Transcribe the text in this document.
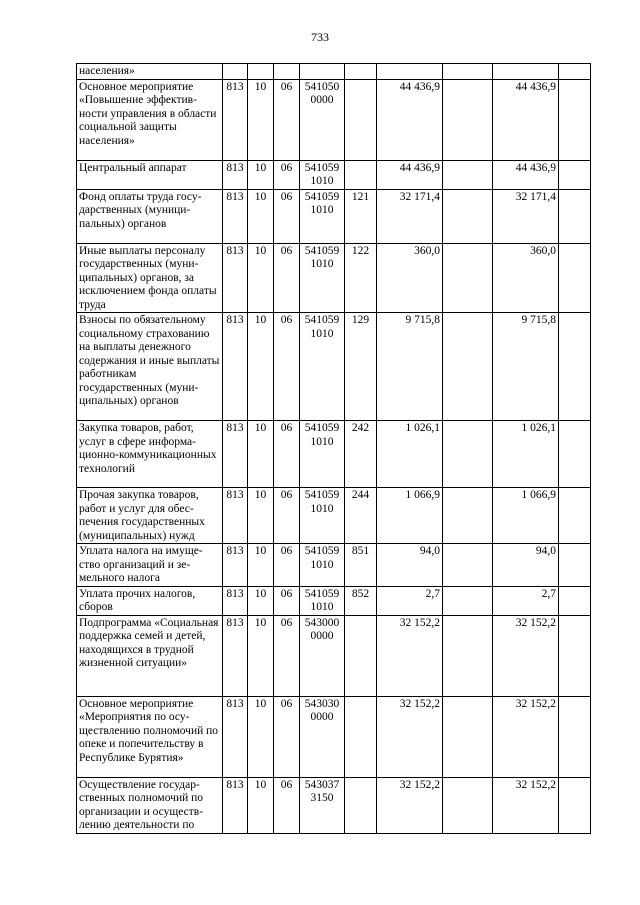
733
населения»									
Основное мероприятие «Повышение эффективности управления в области социальной защиты населения»	813	10	06	541050 0000		44 436,9		44 436,9	
Центральный аппарат	813	10	06	541059 1010		44 436,9		44 436,9	
Фонд оплаты труда государственных (муниципальных) органов	813	10	06	541059 1010	121	32 171,4		32 171,4	
Иные выплаты персоналу государственных (муниципальных) органов, за исключением фонда оплаты труда	813	10	06	541059 1010	122	360,0		360,0	
Взносы по обязательному социальному страхованию на выплаты денежного содержания и иные выплаты работникам государственных (муниципальных) органов	813	10	06	541059 1010	129	9 715,8		9 715,8	
Закупка товаров, работ, услуг в сфере информационно-коммуникационных технологий	813	10	06	541059 1010	242	1 026,1		1 026,1	
Прочая закупка товаров, работ и услуг для обеспечения государственных (муниципальных) нужд	813	10	06	541059 1010	244	1 066,9		1 066,9	
Уплата налога на имущество организаций и земельного налога	813	10	06	541059 1010	851	94,0		94,0	
Уплата прочих налогов, сборов	813	10	06	541059 1010	852	2,7		2,7	
Подпрограмма «Социальная поддержка семей и детей, находящихся в трудной жизненной ситуации»	813	10	06	543000 0000		32 152,2		32 152,2	
Основное мероприятие «Мероприятия по осуществлению полномочий по опеке и попечительству в Республике Бурятия»	813	10	06	543030 0000		32 152,2		32 152,2	
Осуществление государственных полномочий по организации и осуществлению деятельности по	813	10	06	543037 3150		32 152,2		32 152,2	
